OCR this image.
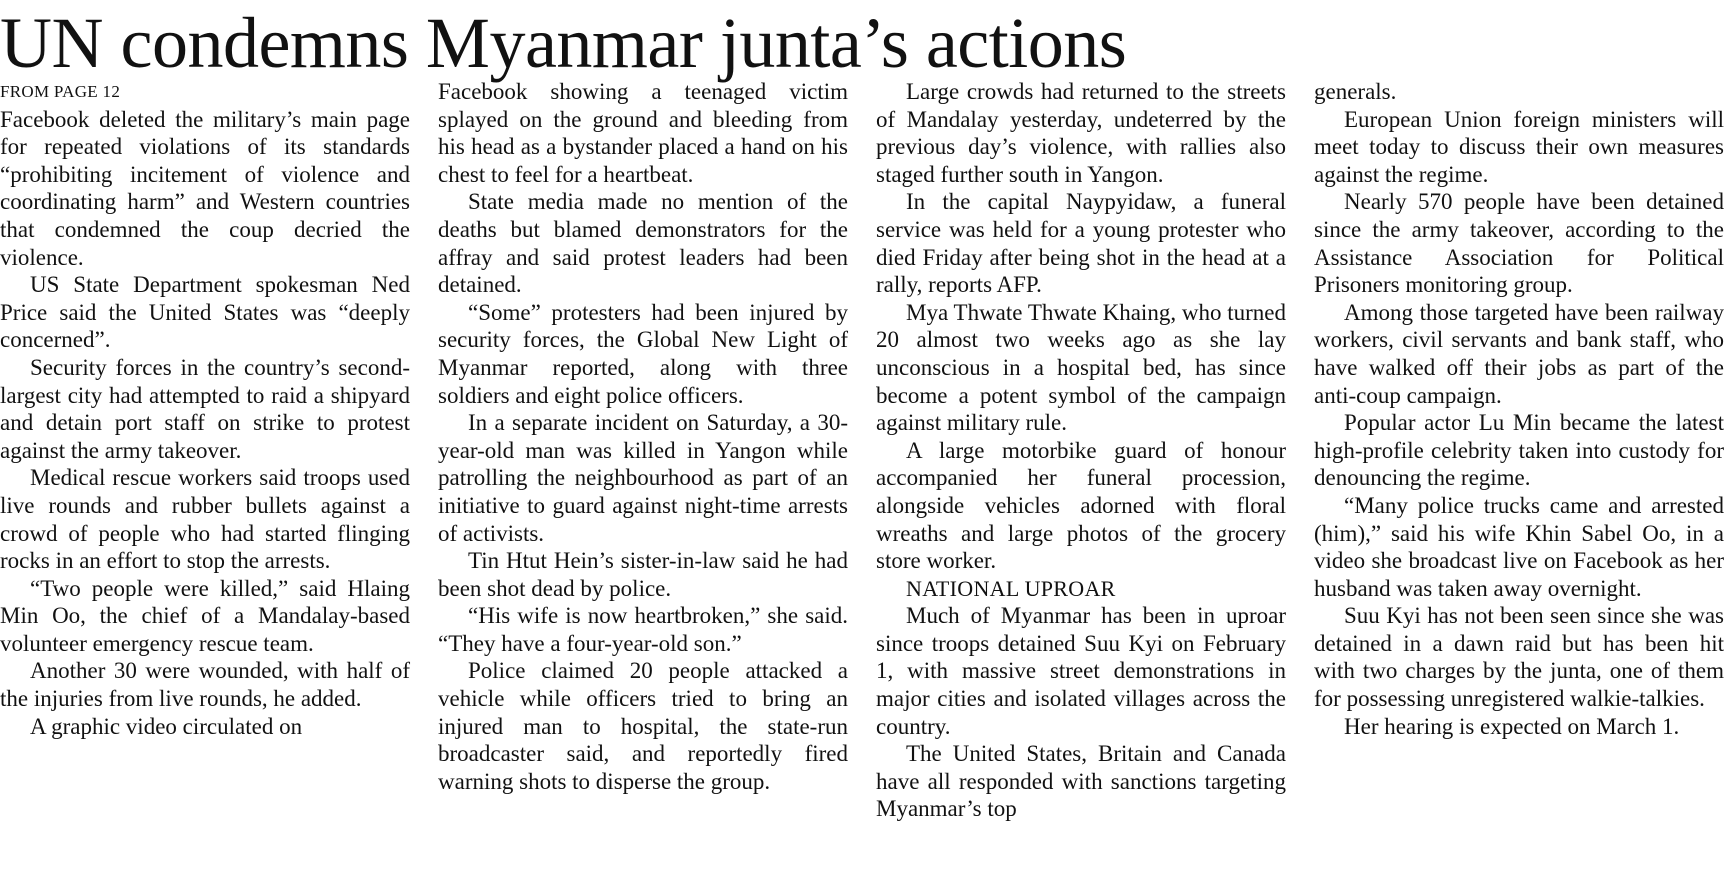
UN condemns Myanmar junta’s actions
FROM PAGE 12

Facebook deleted the military’s main page for repeated violations of its standards “prohibiting incitement of violence and coordinating harm” and Western countries that condemned the coup decried the violence.

US State Department spokesman Ned Price said the United States was “deeply concerned”.

Security forces in the country’s second-largest city had attempted to raid a shipyard and detain port staff on strike to protest against the army takeover.

Medical rescue workers said troops used live rounds and rubber bullets against a crowd of people who had started flinging rocks in an effort to stop the arrests.

“Two people were killed,” said Hlaing Min Oo, the chief of a Mandalay-based volunteer emergency rescue team.

Another 30 were wounded, with half of the injuries from live rounds, he added.

A graphic video circulated on

Facebook showing a teenaged victim splayed on the ground and bleeding from his head as a bystander placed a hand on his chest to feel for a heartbeat.

State media made no mention of the deaths but blamed demonstrators for the affray and said protest leaders had been detained.

“Some” protesters had been injured by security forces, the Global New Light of Myanmar reported, along with three soldiers and eight police officers.

In a separate incident on Saturday, a 30-year-old man was killed in Yangon while patrolling the neighbourhood as part of an initiative to guard against night-time arrests of activists.

Tin Htut Hein’s sister-in-law said he had been shot dead by police.

“His wife is now heartbroken,” she said. “They have a four-year-old son.”

Police claimed 20 people attacked a vehicle while officers tried to bring an injured man to hospital, the state-run broadcaster said, and reportedly fired warning shots to disperse the group.

Large crowds had returned to the streets of Mandalay yesterday, undeterred by the previous day’s violence, with rallies also staged further south in Yangon.

In the capital Naypyidaw, a funeral service was held for a young protester who died Friday after being shot in the head at a rally, reports AFP.

Mya Thwate Thwate Khaing, who turned 20 almost two weeks ago as she lay unconscious in a hospital bed, has since become a potent symbol of the campaign against military rule.

A large motorbike guard of honour accompanied her funeral procession, alongside vehicles adorned with floral wreaths and large photos of the grocery store worker.

NATIONAL UPROAR

Much of Myanmar has been in uproar since troops detained Suu Kyi on February 1, with massive street demonstrations in major cities and isolated villages across the country.

The United States, Britain and Canada have all responded with sanctions targeting Myanmar’s top

generals.

European Union foreign ministers will meet today to discuss their own measures against the regime.

Nearly 570 people have been detained since the army takeover, according to the Assistance Association for Political Prisoners monitoring group.

Among those targeted have been railway workers, civil servants and bank staff, who have walked off their jobs as part of the anti-coup campaign.

Popular actor Lu Min became the latest high-profile celebrity taken into custody for denouncing the regime.

“Many police trucks came and arrested (him),” said his wife Khin Sabel Oo, in a video she broadcast live on Facebook as her husband was taken away overnight.

Suu Kyi has not been seen since she was detained in a dawn raid but has been hit with two charges by the junta, one of them for possessing unregistered walkie-talkies.

Her hearing is expected on March 1.
